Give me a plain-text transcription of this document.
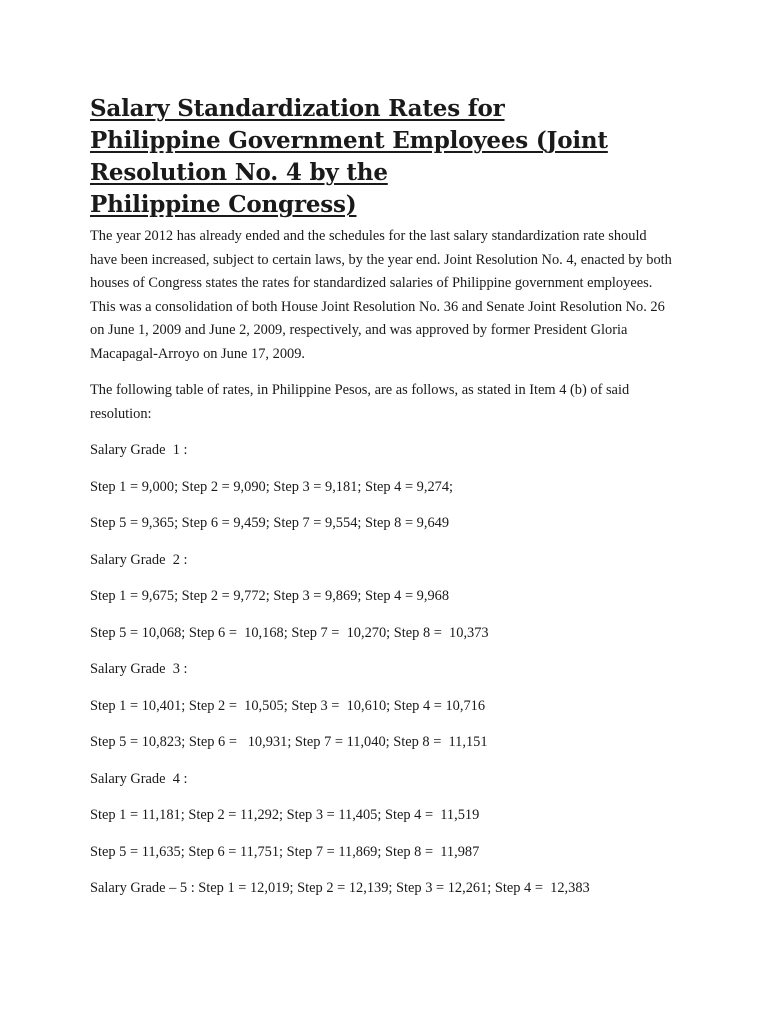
Salary Standardization Rates for
Philippine Government Employees (Joint
Resolution No. 4 by the
Philippine Congress)

The year 2012 has already ended and the schedules for the last salary standardization rate should
have been increased, subject to certain laws, by the year end. Joint Resolution No. 4, enacted by both
houses of Congress states the rates for standardized salaries of Philippine government employees.
This was a consolidation of both House Joint Resolution No. 36 and Senate Joint Resolution No. 26
on June 1, 2009 and June 2, 2009, respectively, and was approved by former President Gloria
Macapagal-Arroyo on June 17, 2009.

The following table of rates, in Philippine Pesos, are as follows, as stated in Item 4 (b) of said
resolution:

Salary Grade  1 :

Step 1 = 9,000; Step 2 = 9,090; Step 3 = 9,181; Step 4 = 9,274;

Step 5 = 9,365; Step 6 = 9,459; Step 7 = 9,554; Step 8 = 9,649

Salary Grade  2 :

Step 1 = 9,675; Step 2 = 9,772; Step 3 = 9,869; Step 4 = 9,968

Step 5 = 10,068; Step 6 =  10,168; Step 7 =  10,270; Step 8 =  10,373

Salary Grade  3 :

Step 1 = 10,401; Step 2 =  10,505; Step 3 =  10,610; Step 4 = 10,716

Step 5 = 10,823; Step 6 =   10,931; Step 7 = 11,040; Step 8 =  11,151

Salary Grade  4 :

Step 1 = 11,181; Step 2 = 11,292; Step 3 = 11,405; Step 4 =  11,519

Step 5 = 11,635; Step 6 = 11,751; Step 7 = 11,869; Step 8 =  11,987

Salary Grade – 5 : Step 1 = 12,019; Step 2 = 12,139; Step 3 = 12,261; Step 4 =  12,383
